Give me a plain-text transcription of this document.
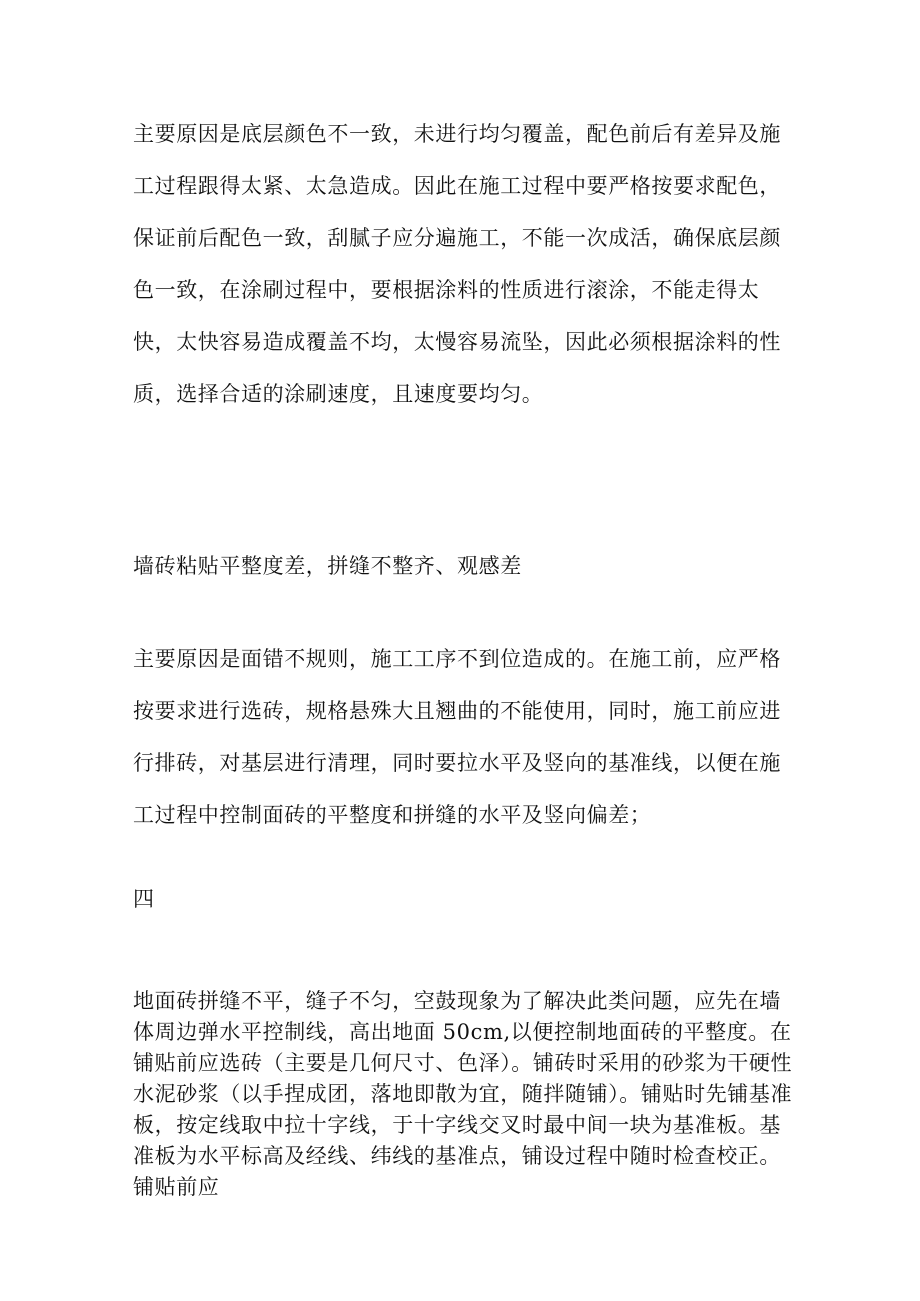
主要原因是底层颜色不一致，未进行均匀覆盖，配色前后有差异及施工过程跟得太紧、太急造成。因此在施工过程中要严格按要求配色，保证前后配色一致，刮腻子应分遍施工，不能一次成活，确保底层颜色一致，在涂刷过程中，要根据涂料的性质进行滚涂，不能走得太快，太快容易造成覆盖不均，太慢容易流坠，因此必须根据涂料的性质，选择合适的涂刷速度，且速度要均匀。

墙砖粘贴平整度差，拼缝不整齐、观感差

主要原因是面错不规则，施工工序不到位造成的。在施工前，应严格按要求进行选砖，规格悬殊大且翘曲的不能使用，同时，施工前应进行排砖，对基层进行清理，同时要拉水平及竖向的基准线，以便在施工过程中控制面砖的平整度和拼缝的水平及竖向偏差；

四

地面砖拼缝不平，缝子不匀，空鼓现象为了解决此类问题，应先在墙体周边弹水平控制线，高出地面 50cm,以便控制地面砖的平整度。在铺贴前应选砖（主要是几何尺寸、色泽）。铺砖时采用的砂浆为干硬性水泥砂浆（以手捏成团，落地即散为宜，随拌随铺）。铺贴时先铺基准板，按定线取中拉十字线，于十字线交叉时最中间一块为基准板。基准板为水平标高及经线、纬线的基准点，铺设过程中随时检查校正。铺贴前应
